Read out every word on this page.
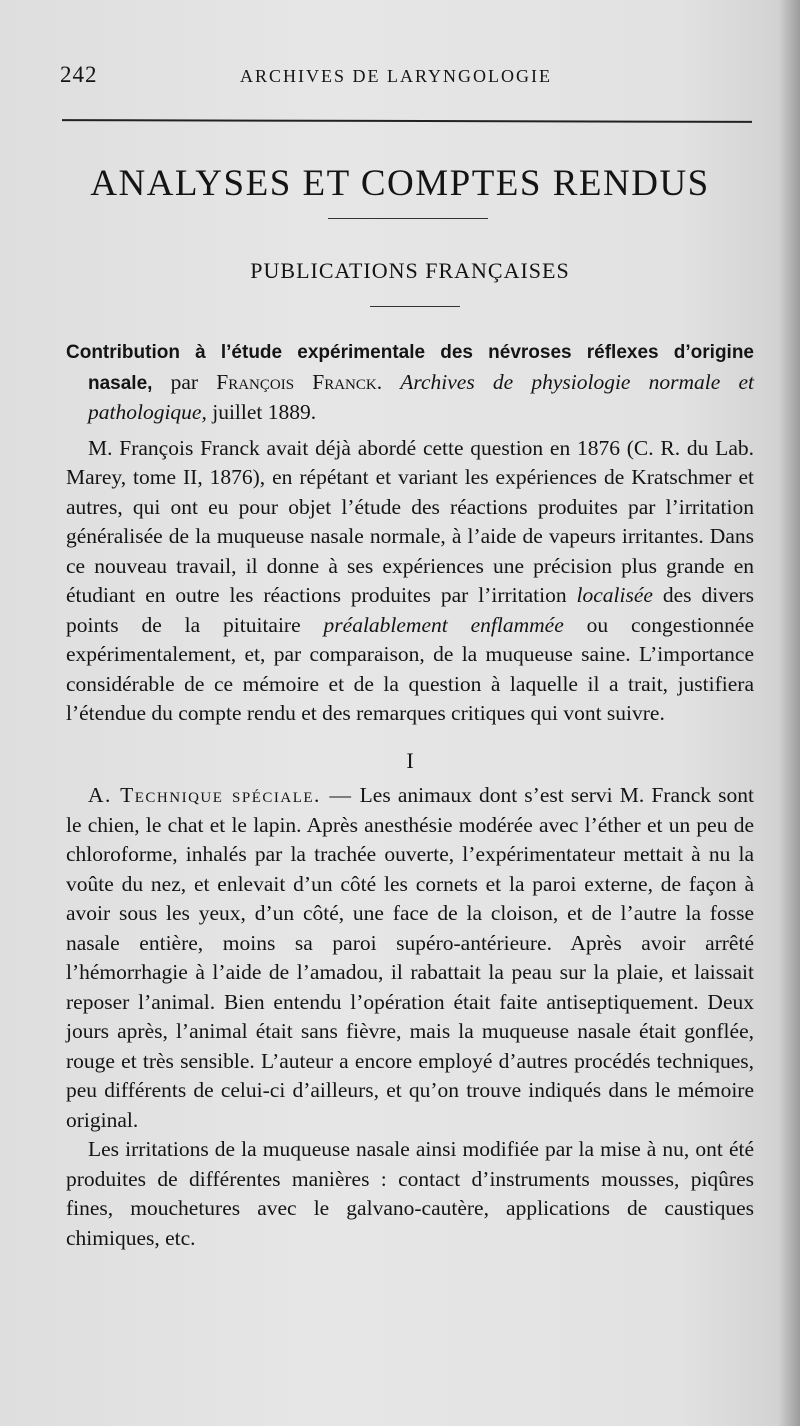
242	ARCHIVES DE LARYNGOLOGIE
ANALYSES ET COMPTES RENDUS
PUBLICATIONS FRANÇAISES

Contribution à l’étude expérimentale des névroses réflexes d’origine nasale, par François Franck. Archives de physiologie normale et pathologique, juillet 1889.

M. François Franck avait déjà abordé cette question en 1876 (C. R. du Lab. Marey, tome II, 1876), en répétant et variant les expériences de Kratschmer et autres, qui ont eu pour objet l’étude des réactions produites par l’irritation généralisée de la muqueuse nasale normale, à l’aide de vapeurs irritantes. Dans ce nouveau travail, il donne à ses expériences une précision plus grande en étudiant en outre les réactions produites par l’irritation localisée des divers points de la pituitaire préalablement enflammée ou congestionnée expérimentalement, et, par comparaison, de la muqueuse saine. L’importance considérable de ce mémoire et de la question à laquelle il a trait, justifiera l’étendue du compte rendu et des remarques critiques qui vont suivre.

I

A. Technique spéciale. — Les animaux dont s’est servi M. Franck sont le chien, le chat et le lapin. Après anesthésie modérée avec l’éther et un peu de chloroforme, inhalés par la trachée ouverte, l’expérimentateur mettait à nu la voûte du nez, et enlevait d’un côté les cornets et la paroi externe, de façon à avoir sous les yeux, d’un côté, une face de la cloison, et de l’autre la fosse nasale entière, moins sa paroi supéro-antérieure. Après avoir arrêté l’hémorrhagie à l’aide de l’amadou, il rabattait la peau sur la plaie, et laissait reposer l’animal. Bien entendu l’opération était faite antiseptiquement. Deux jours après, l’animal était sans fièvre, mais la muqueuse nasale était gonflée, rouge et très sensible. L’auteur a encore employé d’autres procédés techniques, peu différents de celui-ci d’ailleurs, et qu’on trouve indiqués dans le mémoire original.

Les irritations de la muqueuse nasale ainsi modifiée par la mise à nu, ont été produites de différentes manières : contact d’instruments mousses, piqûres fines, mouchetures avec le galvano-cautère, applications de caustiques chimiques, etc.
